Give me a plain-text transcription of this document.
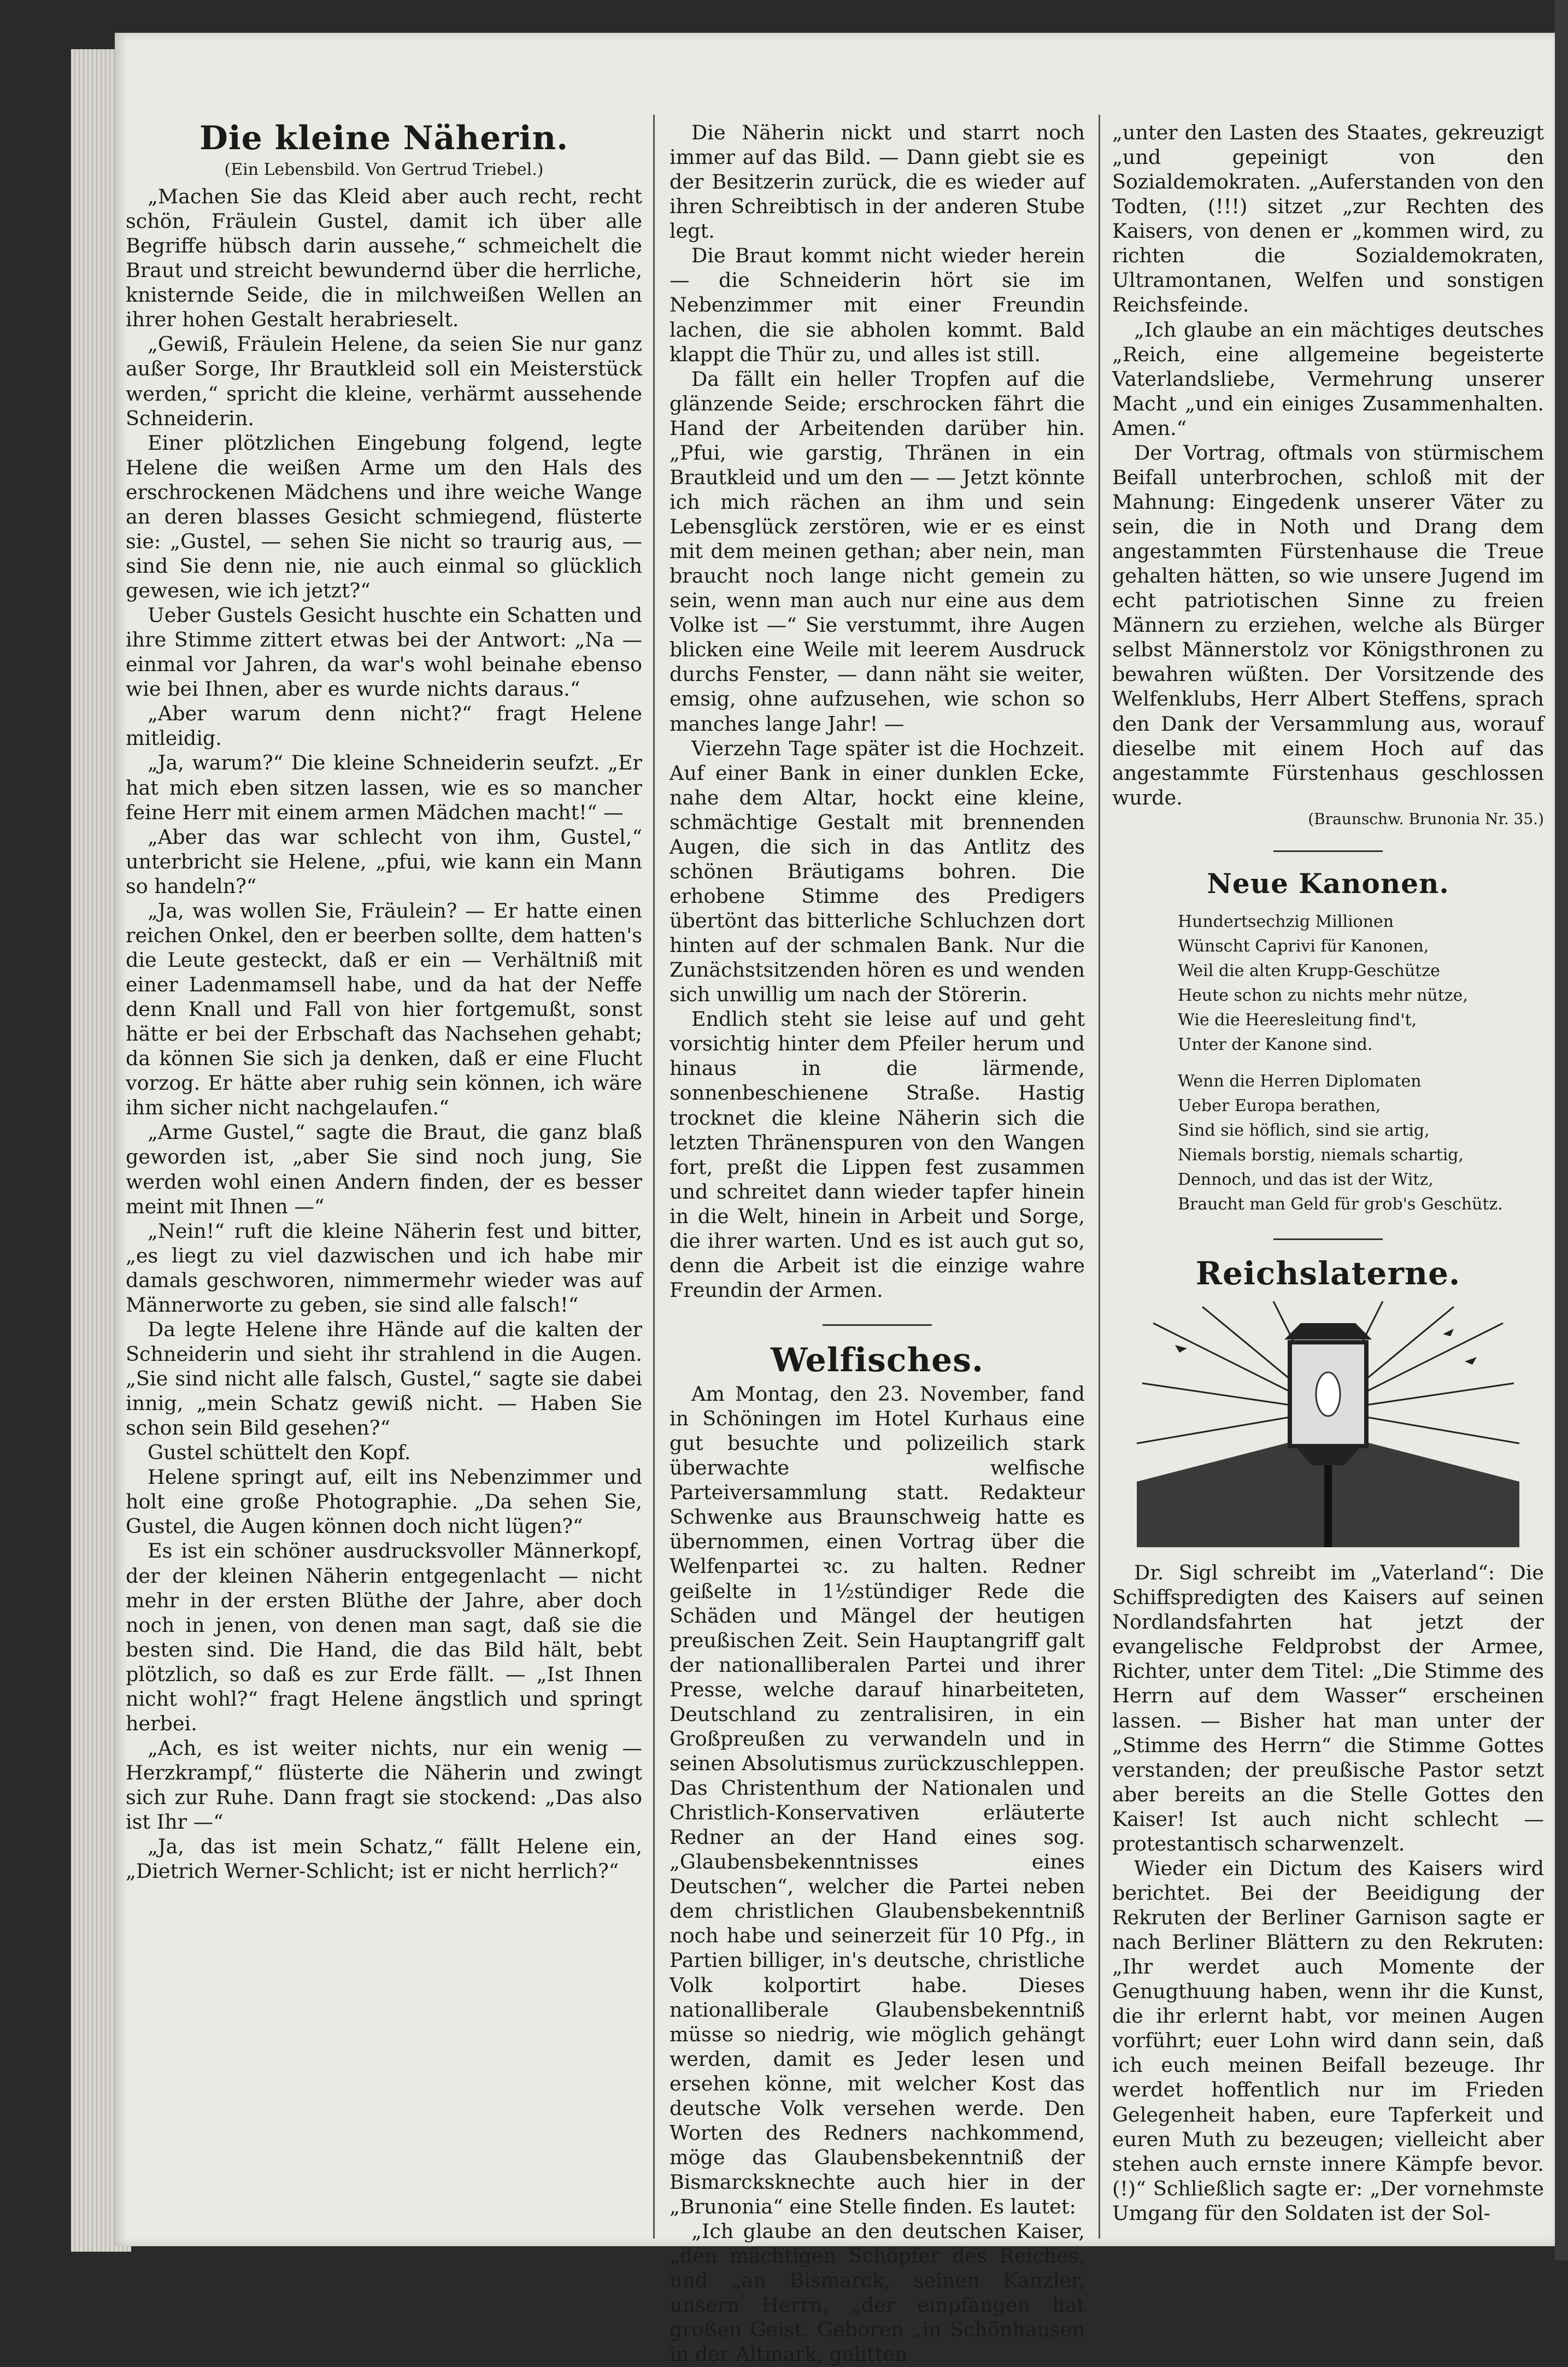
Die kleine Näherin.
(Ein Lebensbild. Von Gertrud Triebel.)

„Machen Sie das Kleid aber auch recht, recht schön, Fräulein Gustel, damit ich über alle Begriffe hübsch darin aussehe,“ schmeichelt die Braut und streicht bewundernd über die herrliche, knisternde Seide, die in milchweißen Wellen an ihrer hohen Gestalt herabrieselt.

„Gewiß, Fräulein Helene, da seien Sie nur ganz außer Sorge, Ihr Brautkleid soll ein Meisterstück werden,“ spricht die kleine, verhärmt aussehende Schneiderin.

Einer plötzlichen Eingebung folgend, legte Helene die weißen Arme um den Hals des erschrockenen Mädchens und ihre weiche Wange an deren blasses Gesicht schmiegend, flüsterte sie: „Gustel, — sehen Sie nicht so traurig aus, — sind Sie denn nie, nie auch einmal so glücklich gewesen, wie ich jetzt?“

Ueber Gustels Gesicht huschte ein Schatten und ihre Stimme zittert etwas bei der Antwort: „Na — einmal vor Jahren, da war's wohl beinahe ebenso wie bei Ihnen, aber es wurde nichts daraus.“

„Aber warum denn nicht?“ fragt Helene mitleidig.

„Ja, warum?“ Die kleine Schneiderin seufzt. „Er hat mich eben sitzen lassen, wie es so mancher feine Herr mit einem armen Mädchen macht!“ —

„Aber das war schlecht von ihm, Gustel,“ unterbricht sie Helene, „pfui, wie kann ein Mann so handeln?“

„Ja, was wollen Sie, Fräulein? — Er hatte einen reichen Onkel, den er beerben sollte, dem hatten's die Leute gesteckt, daß er ein — Verhältniß mit einer Ladenmamsell habe, und da hat der Neffe denn Knall und Fall von hier fortgemußt, sonst hätte er bei der Erbschaft das Nachsehen gehabt; da können Sie sich ja denken, daß er eine Flucht vorzog. Er hätte aber ruhig sein können, ich wäre ihm sicher nicht nachgelaufen.“

„Arme Gustel,“ sagte die Braut, die ganz blaß geworden ist, „aber Sie sind noch jung, Sie werden wohl einen Andern finden, der es besser meint mit Ihnen —“

„Nein!“ ruft die kleine Näherin fest und bitter, „es liegt zu viel dazwischen und ich habe mir damals geschworen, nimmermehr wieder was auf Männerworte zu geben, sie sind alle falsch!“

Da legte Helene ihre Hände auf die kalten der Schneiderin und sieht ihr strahlend in die Augen. „Sie sind nicht alle falsch, Gustel,“ sagte sie dabei innig, „mein Schatz gewiß nicht. — Haben Sie schon sein Bild gesehen?“

Gustel schüttelt den Kopf.

Helene springt auf, eilt ins Nebenzimmer und holt eine große Photographie. „Da sehen Sie, Gustel, die Augen können doch nicht lügen?“

Es ist ein schöner ausdrucksvoller Männerkopf, der der kleinen Näherin entgegenlacht — nicht mehr in der ersten Blüthe der Jahre, aber doch noch in jenen, von denen man sagt, daß sie die besten sind. Die Hand, die das Bild hält, bebt plötzlich, so daß es zur Erde fällt. — „Ist Ihnen nicht wohl?“ fragt Helene ängstlich und springt herbei.

„Ach, es ist weiter nichts, nur ein wenig — Herzkrampf,“ flüsterte die Näherin und zwingt sich zur Ruhe. Dann fragt sie stockend: „Das also ist Ihr —“

„Ja, das ist mein Schatz,“ fällt Helene ein, „Dietrich Werner-Schlicht; ist er nicht herrlich?“

Die Näherin nickt und starrt noch immer auf das Bild. — Dann giebt sie es der Besitzerin zurück, die es wieder auf ihren Schreibtisch in der anderen Stube legt.

Die Braut kommt nicht wieder herein — die Schneiderin hört sie im Nebenzimmer mit einer Freundin lachen, die sie abholen kommt. Bald klappt die Thür zu, und alles ist still.

Da fällt ein heller Tropfen auf die glänzende Seide; erschrocken fährt die Hand der Arbeitenden darüber hin. „Pfui, wie garstig, Thränen in ein Brautkleid und um den — — Jetzt könnte ich mich rächen an ihm und sein Lebensglück zerstören, wie er es einst mit dem meinen gethan; aber nein, man braucht noch lange nicht gemein zu sein, wenn man auch nur eine aus dem Volke ist —“ Sie verstummt, ihre Augen blicken eine Weile mit leerem Ausdruck durchs Fenster, — dann näht sie weiter, emsig, ohne aufzusehen, wie schon so manches lange Jahr! —

Vierzehn Tage später ist die Hochzeit. Auf einer Bank in einer dunklen Ecke, nahe dem Altar, hockt eine kleine, schmächtige Gestalt mit brennenden Augen, die sich in das Antlitz des schönen Bräutigams bohren. Die erhobene Stimme des Predigers übertönt das bitterliche Schluchzen dort hinten auf der schmalen Bank. Nur die Zunächstsitzenden hören es und wenden sich unwillig um nach der Störerin.

Endlich steht sie leise auf und geht vorsichtig hinter dem Pfeiler herum und hinaus in die lärmende, sonnenbeschienene Straße. Hastig trocknet die kleine Näherin sich die letzten Thränenspuren von den Wangen fort, preßt die Lippen fest zusammen und schreitet dann wieder tapfer hinein in die Welt, hinein in Arbeit und Sorge, die ihrer warten. Und es ist auch gut so, denn die Arbeit ist die einzige wahre Freundin der Armen.

Welfisches.

Am Montag, den 23. November, fand in Schöningen im Hotel Kurhaus eine gut besuchte und polizeilich stark überwachte welfische Parteiversammlung statt. Redakteur Schwenke aus Braunschweig hatte es übernommen, einen Vortrag über die Welfenpartei ꝛc. zu halten. Redner geißelte in 1½stündiger Rede die Schäden und Mängel der heutigen preußischen Zeit. Sein Hauptangriff galt der nationalliberalen Partei und ihrer Presse, welche darauf hinarbeiteten, Deutschland zu zentralisiren, in ein Großpreußen zu verwandeln und in seinen Absolutismus zurückzuschleppen. Das Christenthum der Nationalen und Christlich-Konservativen erläuterte Redner an der Hand eines sog. „Glaubensbekenntnisses eines Deutschen“, welcher die Partei neben dem christlichen Glaubensbekenntniß noch habe und seinerzeit für 10 Pfg., in Partien billiger, in's deutsche, christliche Volk kolportirt habe. Dieses nationalliberale Glaubensbekenntniß müsse so niedrig, wie möglich gehängt werden, damit es Jeder lesen und ersehen könne, mit welcher Kost das deutsche Volk versehen werde. Den Worten des Redners nachkommend, möge das Glaubensbekenntniß der Bismarcksknechte auch hier in der „Brunonia“ eine Stelle finden. Es lautet:

„Ich glaube an den deutschen Kaiser, „den mächtigen Schöpfer des Reiches, und „an Bismarck, seinen Kanzler, unsern Herrn, „der empfangen hat großen Geist. Geboren „in Schönhausen in der Altmark, gelitten

„unter den Lasten des Staates, gekreuzigt „und gepeinigt von den Sozialdemokraten. „Auferstanden von den Todten, (!!!) sitzet „zur Rechten des Kaisers, von denen er „kommen wird, zu richten die Sozialdemokraten, Ultramontanen, Welfen und sonstigen Reichsfeinde.

„Ich glaube an ein mächtiges deutsches „Reich, eine allgemeine begeisterte Vaterlandsliebe, Vermehrung unserer Macht „und ein einiges Zusammenhalten. Amen.“

Der Vortrag, oftmals von stürmischem Beifall unterbrochen, schloß mit der Mahnung: Eingedenk unserer Väter zu sein, die in Noth und Drang dem angestammten Fürstenhause die Treue gehalten hätten, so wie unsere Jugend im echt patriotischen Sinne zu freien Männern zu erziehen, welche als Bürger selbst Männerstolz vor Königsthronen zu bewahren wüßten. Der Vorsitzende des Welfenklubs, Herr Albert Steffens, sprach den Dank der Versammlung aus, worauf dieselbe mit einem Hoch auf das angestammte Fürstenhaus geschlossen wurde.

(Braunschw. Brunonia Nr. 35.)
Neue Kanonen.
Hundertsechzig Millionen
Wünscht Caprivi für Kanonen,
Weil die alten Krupp-Geschütze
Heute schon zu nichts mehr nütze,
Wie die Heeresleitung find't,
Unter der Kanone sind.
Wenn die Herren Diplomaten
Ueber Europa berathen,
Sind sie höflich, sind sie artig,
Niemals borstig, niemals schartig,
Dennoch, und das ist der Witz,
Braucht man Geld für grob's Geschütz.
Reichslaterne.

Dr. Sigl schreibt im „Vaterland“: Die Schiffspredigten des Kaisers auf seinen Nordlandsfahrten hat jetzt der evangelische Feldprobst der Armee, Richter, unter dem Titel: „Die Stimme des Herrn auf dem Wasser“ erscheinen lassen. — Bisher hat man unter der „Stimme des Herrn“ die Stimme Gottes verstanden; der preußische Pastor setzt aber bereits an die Stelle Gottes den Kaiser! Ist auch nicht schlecht — protestantisch scharwenzelt.

Wieder ein Dictum des Kaisers wird berichtet. Bei der Beeidigung der Rekruten der Berliner Garnison sagte er nach Berliner Blättern zu den Rekruten: „Ihr werdet auch Momente der Genugthuung haben, wenn ihr die Kunst, die ihr erlernt habt, vor meinen Augen vorführt; euer Lohn wird dann sein, daß ich euch meinen Beifall bezeuge. Ihr werdet hoffentlich nur im Frieden Gelegenheit haben, eure Tapferkeit und euren Muth zu bezeugen; vielleicht aber stehen auch ernste innere Kämpfe bevor.(!)“ Schließlich sagte er: „Der vornehmste Umgang für den Soldaten ist der Sol-
